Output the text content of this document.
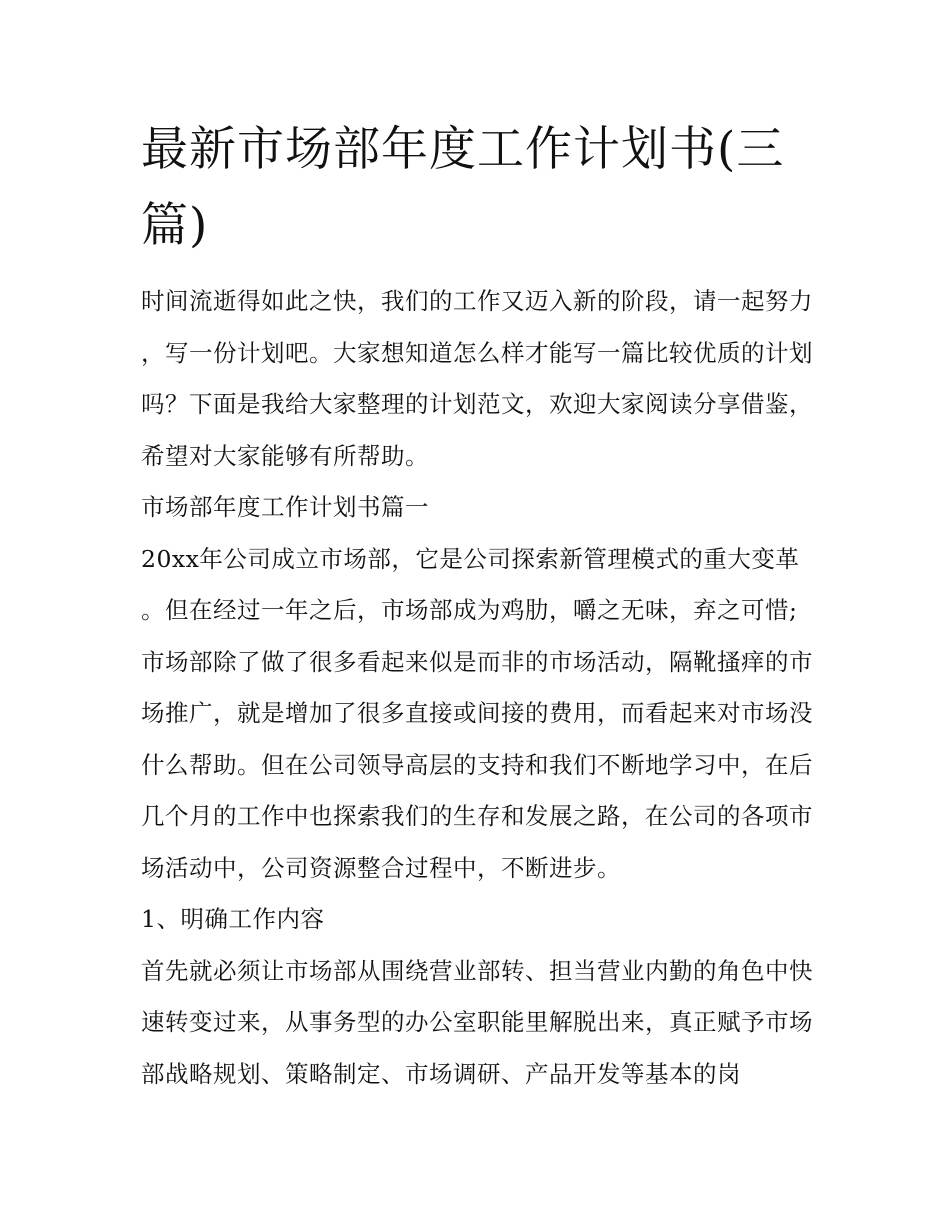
最新市场部年度工作计划书(三篇)

时间流逝得如此之快，我们的工作又迈入新的阶段，请一起努力，写一份计划吧。大家想知道怎么样才能写一篇比较优质的计划吗？下面是我给大家整理的计划范文，欢迎大家阅读分享借鉴，希望对大家能够有所帮助。

市场部年度工作计划书篇一

20xx年公司成立市场部，它是公司探索新管理模式的重大变革。但在经过一年之后，市场部成为鸡肋，嚼之无味，弃之可惜;市场部除了做了很多看起来似是而非的市场活动，隔靴搔痒的市场推广，就是增加了很多直接或间接的费用，而看起来对市场没什么帮助。但在公司领导高层的支持和我们不断地学习中，在后几个月的工作中也探索我们的生存和发展之路，在公司的各项市场活动中，公司资源整合过程中，不断进步。

1、明确工作内容

首先就必须让市场部从围绕营业部转、担当营业内勤的角色中快速转变过来，从事务型的办公室职能里解脱出来，真正赋予市场部战略规划、策略制定、市场调研、产品开发等基本的岗
